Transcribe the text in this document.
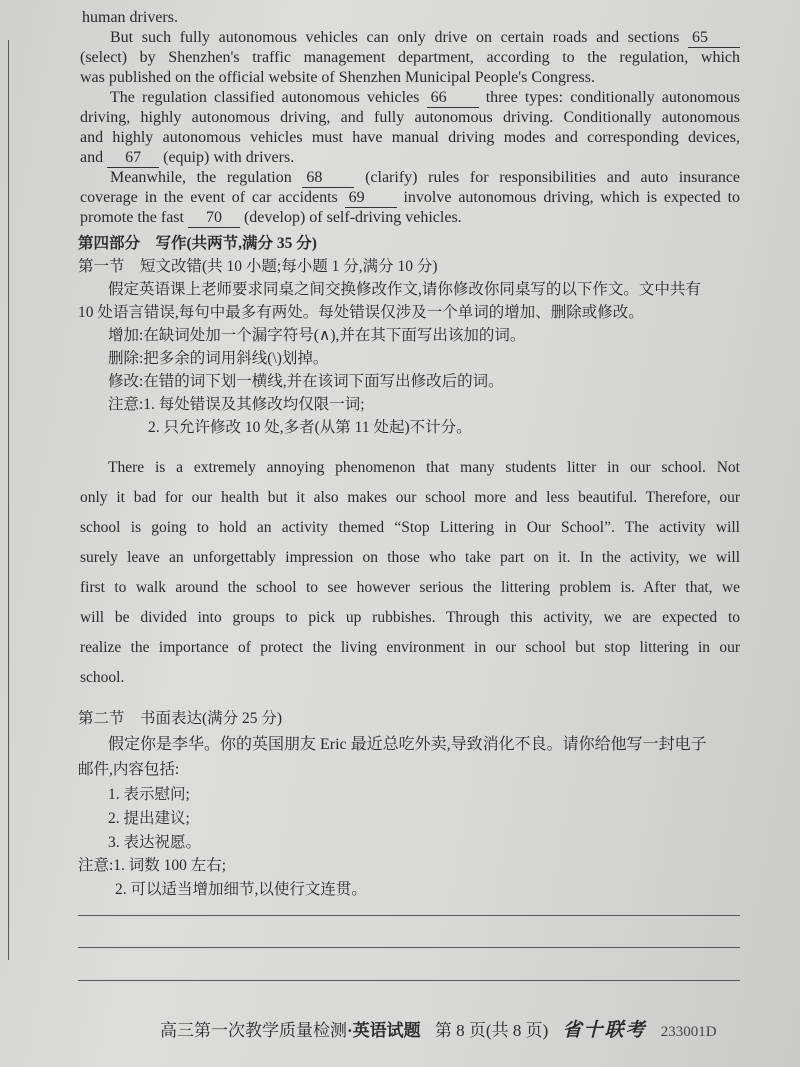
human drivers.
But such fully autonomous vehicles can only drive on certain roads and sections 65
(select) by Shenzhen's traffic management department, according to the regulation, which
was published on the official website of Shenzhen Municipal People's Congress.
The regulation classified autonomous vehicles 66 three types: conditionally autonomous
driving, highly autonomous driving, and fully autonomous driving. Conditionally autonomous
and highly autonomous vehicles must have manual driving modes and corresponding devices,
and 67 (equip) with drivers.
Meanwhile, the regulation 68	(clarify) rules for responsibilities and auto insurance
coverage in the event of car accidents 69 involve autonomous driving, which is expected to
promote the fast 70 (develop) of self-driving vehicles.
第四部分　写作(共两节,满分 35 分)
第一节　短文改错(共 10 小题;每小题 1 分,满分 10 分)
假定英语课上老师要求同桌之间交换修改作文,请你修改你同桌写的以下作文。文中共有
10 处语言错误,每句中最多有两处。每处错误仅涉及一个单词的增加、删除或修改。
增加:在缺词处加一个漏字符号(∧),并在其下面写出该加的词。
删除:把多余的词用斜线(\)划掉。
修改:在错的词下划一横线,并在该词下面写出修改后的词。
注意:1. 每处错误及其修改均仅限一词;
2. 只允许修改 10 处,多者(从第 11 处起)不计分。
There is a extremely annoying phenomenon that many students litter in our school. Not
only it bad for our health but it also makes our school more and less beautiful. Therefore, our
school is going to hold an activity themed “Stop Littering in Our School”. The activity will
surely leave an unforgettably impression on those who take part on it. In the activity, we will
first to walk around the school to see however serious the littering problem is. After that, we
will be divided into groups to pick up rubbishes. Through this activity, we are expected to
realize the importance of protect the living environment in our school but stop littering in our
school.
第二节　书面表达(满分 25 分)
假定你是李华。你的英国朋友 Eric 最近总吃外卖,导致消化不良。请你给他写一封电子
邮件,内容包括:
1. 表示慰问;
2. 提出建议;
3. 表达祝愿。
注意:1. 词数 100 左右;
2. 可以适当增加细节,以使行文连贯。
高三第一次教学质量检测·英语试题 第 8 页(共 8 页) 省十联考 233001D
